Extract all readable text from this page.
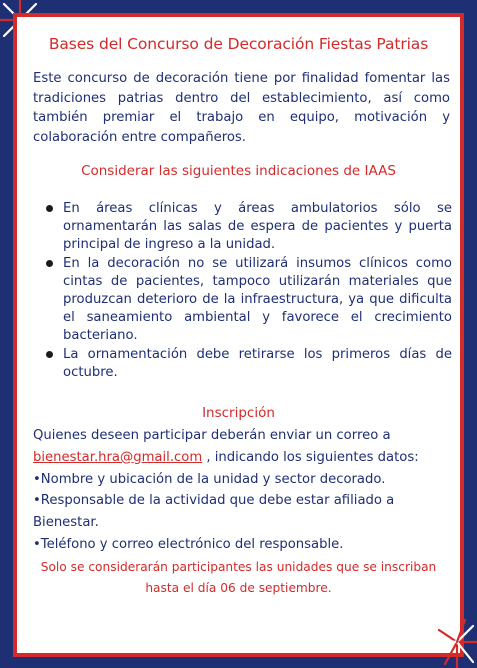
Bases del Concurso de Decoración Fiestas Patrias
Este concurso de decoración tiene por finalidad fomentar las tradiciones patrias dentro del establecimiento, así como también premiar el trabajo en equipo, motivación y colaboración entre compañeros.
Considerar las siguientes indicaciones de IAAS
En áreas clínicas y áreas ambulatorios sólo se ornamentarán las salas de espera de pacientes y puerta principal de ingreso a la unidad.
En la decoración no se utilizará insumos clínicos como cintas de pacientes, tampoco utilizarán materiales que produzcan deterioro de la infraestructura, ya que dificulta el saneamiento ambiental y favorece el crecimiento bacteriano.
La ornamentación debe retirarse los primeros días de octubre.
Inscripción

Quienes deseen participar deberán enviar un correo a

bienestar.hra@gmail.com , indicando los siguientes datos:

•Nombre y ubicación de la unidad y sector decorado.

•Responsable de la actividad que debe estar afiliado a Bienestar.

•Teléfono y correo electrónico del responsable.

Solo se considerarán participantes las unidades que se inscriban hasta el día 06 de septiembre.
